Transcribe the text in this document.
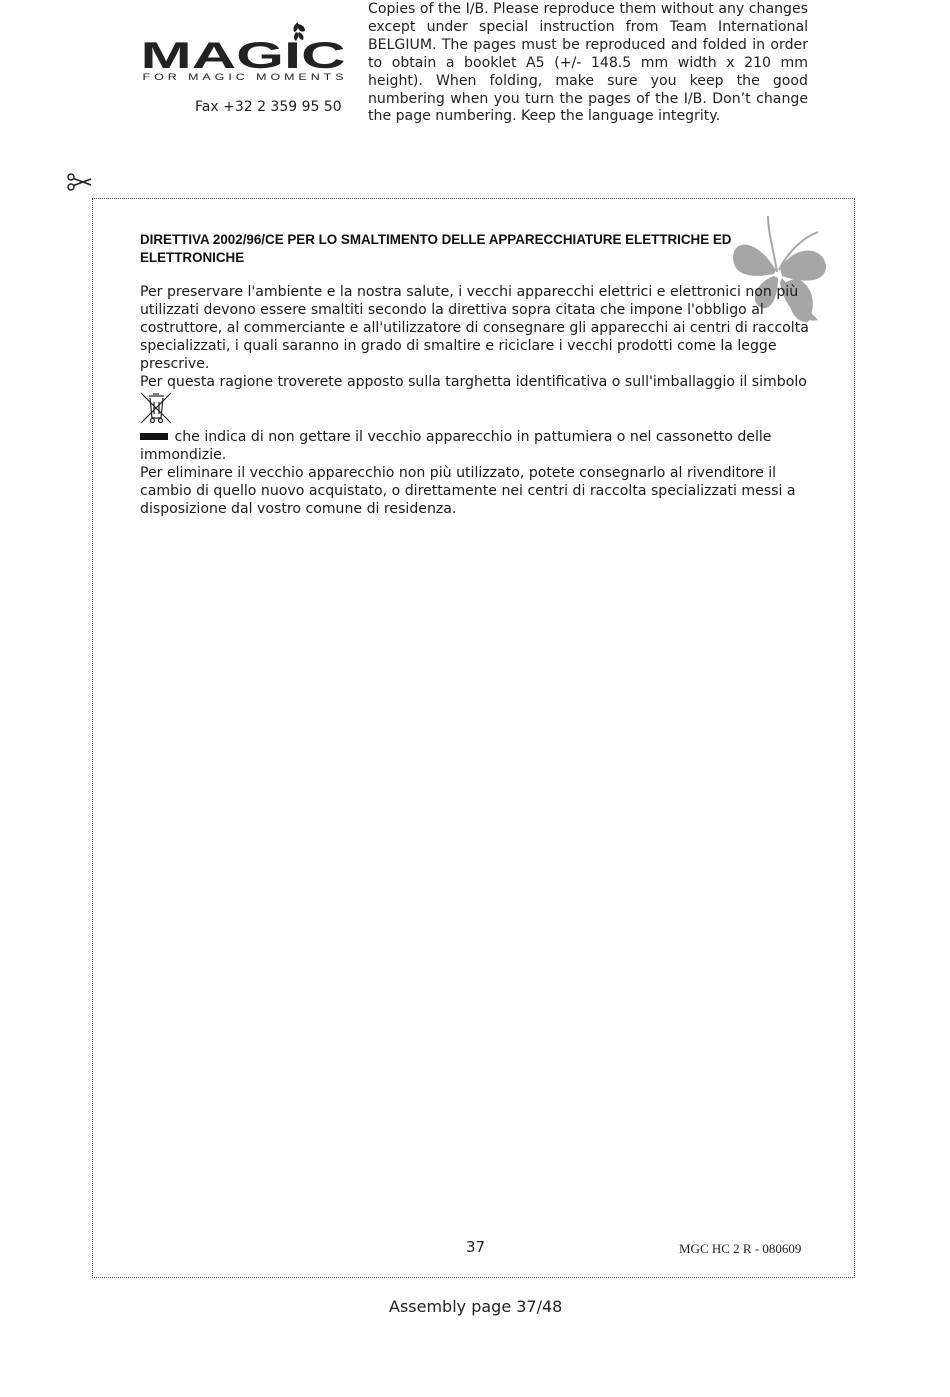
MAGIC
FOR MAGIC MOMENTS
Fax +32 2 359 95 50
Copies of the I/B. Please reproduce them without any changes except under special instruction from Team International BELGIUM. The pages must be reproduced and folded in order to obtain a booklet A5 (+/- 148.5 mm width x 210 mm height). When folding, make sure you keep the good numbering when you turn the pages of the I/B. Don’t change the page numbering. Keep the language integrity.
DIRETTIVA 2002/96/CE PER LO SMALTIMENTO DELLE APPARECCHIATURE ELETTRICHE ED ELETTRONICHE

Per preservare l'ambiente e la nostra salute, i vecchi apparecchi elettrici e elettronici non più utilizzati devono essere smaltiti secondo la direttiva sopra citata che impone l'obbligo al costruttore, al commerciante e all'utilizzatore di consegnare gli apparecchi ai centri di raccolta specializzati, i quali saranno in grado di smaltire e riciclare i vecchi prodotti come la legge prescrive.

Per questa ragione troverete apposto sulla targhetta identificativa o sull'imballaggio il simbolo

che indica di non gettare il vecchio apparecchio in pattumiera o nel cassonetto delle immondizie.

Per eliminare il vecchio apparecchio non più utilizzato, potete consegnarlo al rivenditore il cambio di quello nuovo acquistato, o direttamente nei centri di raccolta specializzati messi a disposizione dal vostro comune di residenza.

37	MGC HC 2 R - 080609
Assembly page 37/48
